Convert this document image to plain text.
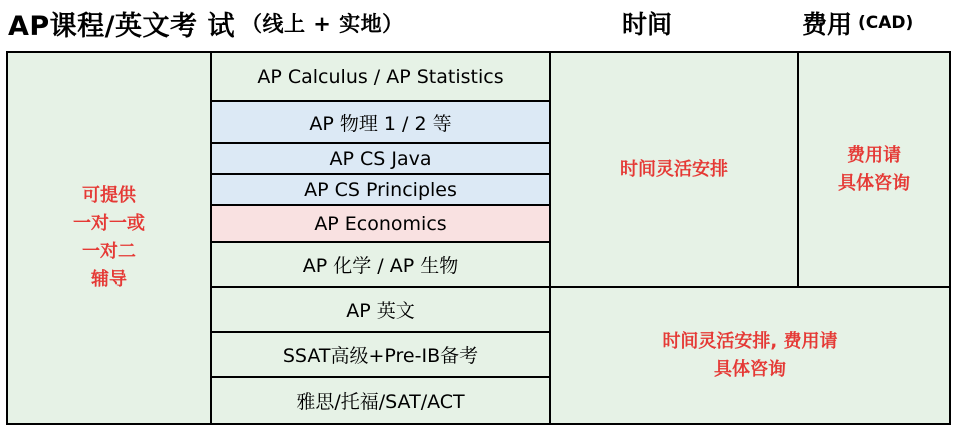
AP课程/英文考 试 （线上 + 实地）	时间	费用 (CAD)
可提供
一对一或
一对二
辅导
AP Calculus / AP Statistics
AP 物理 1 / 2 等
AP CS Java
AP CS Principles
AP Economics
AP 化学 / AP 生物
AP 英文
SSAT高级+Pre-IB备考
雅思/托福/SAT/ACT
时间灵活安排
费用请
具体咨询
时间灵活安排, 费用请
具体咨询
